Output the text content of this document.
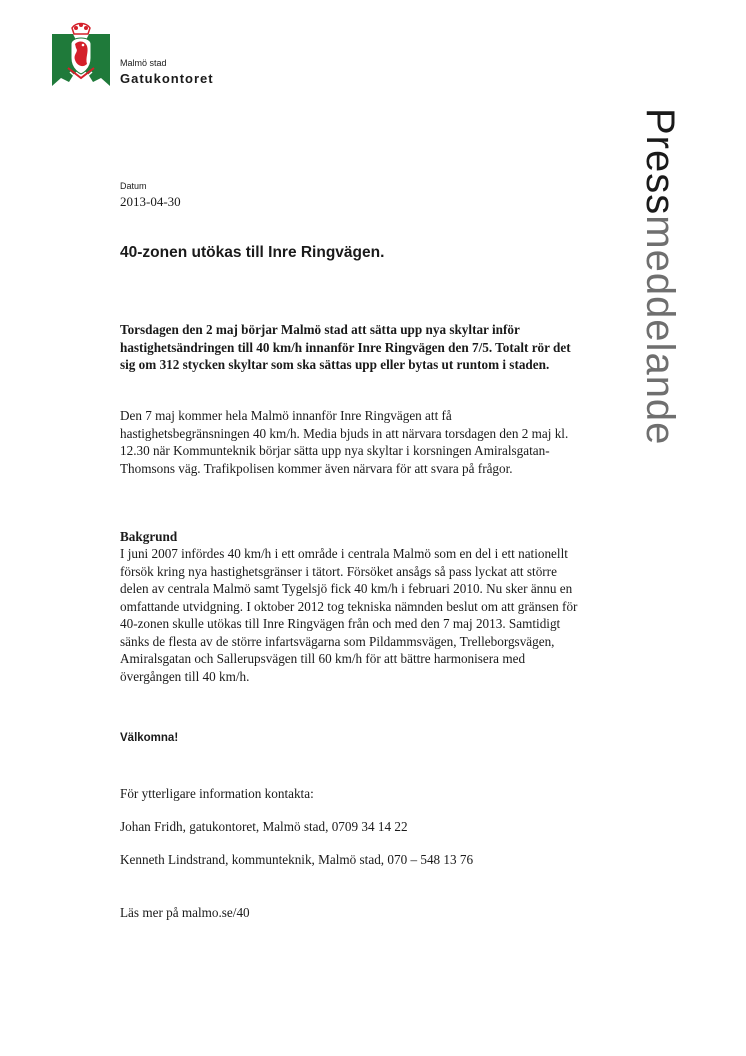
Malmö stad

Gatukontoret

Pressmeddelande

Datum

2013-04-30

40-zonen utökas till Inre Ringvägen.

Torsdagen den 2 maj börjar Malmö stad att sätta upp nya skyltar inför hastighetsändringen till 40 km/h innanför Inre Ringvägen den 7/5. Totalt rör det sig om 312 stycken skyltar som ska sättas upp eller bytas ut runtom i staden.

Den 7 maj kommer hela Malmö innanför Inre Ringvägen att få hastighetsbegränsningen 40 km/h. Media bjuds in att närvara torsdagen den 2 maj kl. 12.30 när Kommunteknik börjar sätta upp nya skyltar i korsningen Amiralsgatan-Thomsons väg. Trafikpolisen kommer även närvara för att svara på frågor.

Bakgrund

I juni 2007 infördes 40 km/h i ett område i centrala Malmö som en del i ett nationellt försök kring nya hastighetsgränser i tätort. Försöket ansågs så pass lyckat att större delen av centrala Malmö samt Tygelsjö fick 40 km/h i februari 2010. Nu sker ännu en omfattande utvidgning. I oktober 2012 tog tekniska nämnden beslut om att gränsen för 40-zonen skulle utökas till Inre Ringvägen från och med den 7 maj 2013. Samtidigt sänks de flesta av de större infartsvägarna som Pildammsvägen, Trelleborgsvägen, Amiralsgatan och Sallerupsvägen till 60 km/h för att bättre harmonisera med övergången till 40 km/h.

Välkomna!

För ytterligare information kontakta:

Johan Fridh, gatukontoret, Malmö stad, 0709 34 14 22

Kenneth Lindstrand, kommunteknik, Malmö stad, 070 – 548 13 76

Läs mer på malmo.se/40
